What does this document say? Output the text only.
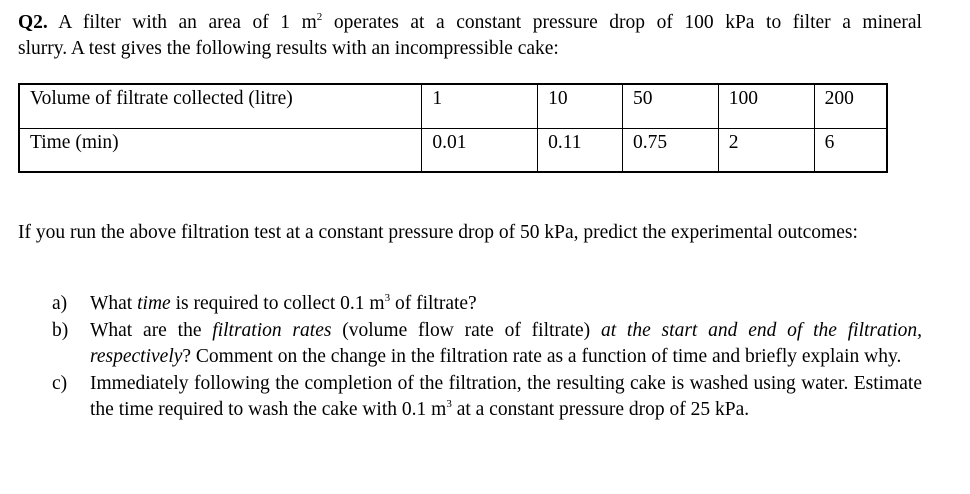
Q2. A filter with an area of 1 $m^2$ operates at a constant pressure drop of 100 kPa to filter a mineral
slurry. A test gives the following results with an incompressible cake:
Volume of filtrate collected (litre)	1	10	50	100	200
Time (min)	0.01	0.11	0.75	2	6
If you run the above filtration test at a constant pressure drop of 50 kPa, predict the experimental outcomes:
a) What time is required to collect 0.1 $m^3$ of filtrate?
b) What are the filtration rates (volume flow rate of filtrate) at the start and end of the filtration, respectively? Comment on the change in the filtration rate as a function of time and briefly explain why.
c) Immediately following the completion of the filtration, the resulting cake is washed using water. Estimate the time required to wash the cake with 0.1 $m^3$ at a constant pressure drop of 25 kPa.
